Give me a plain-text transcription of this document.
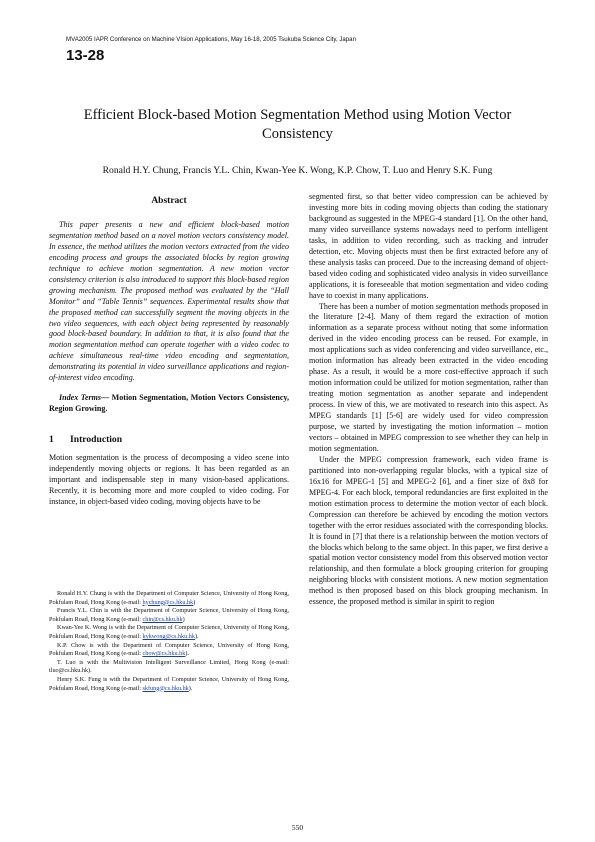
MVA2005 IAPR Conference on Machine VIsion Applications, May 16-18, 2005 Tsukuba Science City, Japan
13-28
Efficient Block-based Motion Segmentation Method using Motion Vector Consistency
Ronald H.Y. Chung, Francis Y.L. Chin, Kwan-Yee K. Wong, K.P. Chow, T. Luo and Henry S.K. Fung
Abstract

This paper presents a new and efficient block-based motion segmentation method based on a novel motion vectors consistency model. In essence, the method utilizes the motion vectors extracted from the video encoding process and groups the associated blocks by region growing technique to achieve motion segmentation. A new motion vector consistency criterion is also introduced to support this block-based region growing mechanism. The proposed method was evaluated by the “Hall Monitor” and “Table Tennis” sequences. Experimental results show that the proposed method can successfully segment the moving objects in the two video sequences, with each object being represented by reasonably good block-based boundary. In addition to that, it is also found that the motion segmentation method can operate together with a video codec to achieve simultaneous real-time video encoding and segmentation, demonstrating its potential in video surveillance applications and region-of-interest video encoding.

Index Terms— Motion Segmentation, Motion Vectors Consistency, Region Growing.

1 Introduction

Motion segmentation is the process of decomposing a video scene into independently moving objects or regions. It has been regarded as an important and indispensable step in many vision-based applications. Recently, it is becoming more and more coupled to video coding. For instance, in object-based video coding, moving objects have to be

Ronald H.Y. Chung is with the Department of Computer Science, University of Hong Kong, Pokfulam Road, Hong Kong (e-mail: hychung@cs.hku.hk)

Francis Y.L. Chin is with the Department of Computer Science, University of Hong Kong, Pokfulam Road, Hong Kong (e-mail: chin@cs.hku.hk)

Kwan-Yee K. Wong is with the Department of Computer Science, University of Hong Kong, Pokfulam Road, Hong Kong (e-mail: kykwong@cs.hku.hk).

K.P. Chow is with the Department of Computer Science, University of Hong Kong, Pokfulam Road, Hong Kong (e-mail: chow@cs.hku.hk).

T. Luo is with the Multivision Intelligent Surveillance Limited, Hong Kong (e-mail: tluo@cs.hku.hk).

Henry S.K. Fung is with the Department of Computer Science, University of Hong Kong, Pokfulam Road, Hong Kong (e-mail: skfung@cs.hku.hk).

segmented first, so that better video compression can be achieved by investing more bits in coding moving objects than coding the stationary background as suggested in the MPEG-4 standard [1]. On the other hand, many video surveillance systems nowadays need to perform intelligent tasks, in addition to video recording, such as tracking and intruder detection, etc. Moving objects must then be first extracted before any of these analysis tasks can proceed. Due to the increasing demand of object-based video coding and sophisticated video analysis in video surveillance applications, it is foreseeable that motion segmentation and video coding have to coexist in many applications.

There has been a number of motion segmentation methods proposed in the literature [2-4]. Many of them regard the extraction of motion information as a separate process without noting that some information derived in the video encoding process can be reused. For example, in most applications such as video conferencing and video surveillance, etc., motion information has already been extracted in the video encoding phase. As a result, it would be a more cost-effective approach if such motion information could be utilized for motion segmentation, rather than treating motion segmentation as another separate and independent process. In view of this, we are motivated to research into this aspect. As MPEG standards [1] [5-6] are widely used for video compression purpose, we started by investigating the motion information – motion vectors – obtained in MPEG compression to see whether they can help in motion segmentation.

Under the MPEG compression framework, each video frame is partitioned into non-overlapping regular blocks, with a typical size of 16x16 for MPEG-1 [5] and MPEG-2 [6], and a finer size of 8x8 for MPEG-4. For each block, temporal redundancies are first exploited in the motion estimation process to determine the motion vector of each block. Compression can therefore be achieved by encoding the motion vectors together with the error residues associated with the corresponding blocks. It is found in [7] that there is a relationship between the motion vectors of the blocks which belong to the same object. In this paper, we first derive a spatial motion vector consistency model from this observed motion vector relationship, and then formulate a block grouping criterion for grouping neighboring blocks with consistent motions. A new motion segmentation method is then proposed based on this block grouping mechanism. In essence, the proposed method is similar in spirit to region

550
